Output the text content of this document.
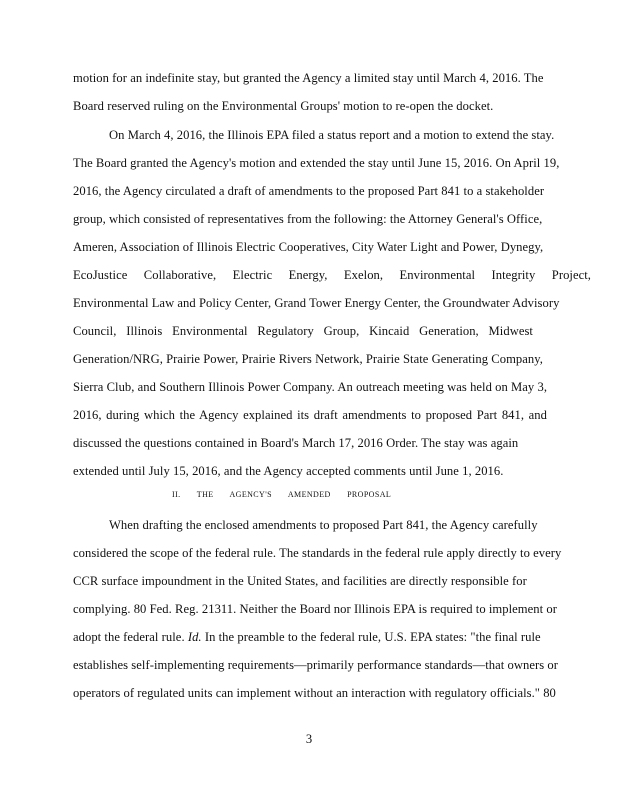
motion for an indefinite stay, but granted the Agency a limited stay until March 4, 2016. The
Board reserved ruling on the Environmental Groups' motion to re-open the docket.
On March 4, 2016, the Illinois EPA filed a status report and a motion to extend the stay.
The Board granted the Agency's motion and extended the stay until June 15, 2016. On April 19,
2016, the Agency circulated a draft of amendments to the proposed Part 841 to a stakeholder
group, which consisted of representatives from the following: the Attorney General's Office,
Ameren, Association of Illinois Electric Cooperatives, City Water Light and Power, Dynegy,
EcoJustice Collaborative, Electric Energy, Exelon, Environmental Integrity Project,
Environmental Law and Policy Center, Grand Tower Energy Center, the Groundwater Advisory
Council, Illinois Environmental Regulatory Group, Kincaid Generation, Midwest
Generation/NRG, Prairie Power, Prairie Rivers Network, Prairie State Generating Company,
Sierra Club, and Southern Illinois Power Company. An outreach meeting was held on May 3,
2016, during which the Agency explained its draft amendments to proposed Part 841, and
discussed the questions contained in Board's March 17, 2016 Order. The stay was again
extended until July 15, 2016, and the Agency accepted comments until June 1, 2016.
II. THE AGENCY'S AMENDED PROPOSAL
When drafting the enclosed amendments to proposed Part 841, the Agency carefully
considered the scope of the federal rule. The standards in the federal rule apply directly to every
CCR surface impoundment in the United States, and facilities are directly responsible for
complying. 80 Fed. Reg. 21311. Neither the Board nor Illinois EPA is required to implement or
adopt the federal rule. Id. In the preamble to the federal rule, U.S. EPA states: "the final rule
establishes self-implementing requirements—primarily performance standards—that owners or
operators of regulated units can implement without an interaction with regulatory officials." 80
3
